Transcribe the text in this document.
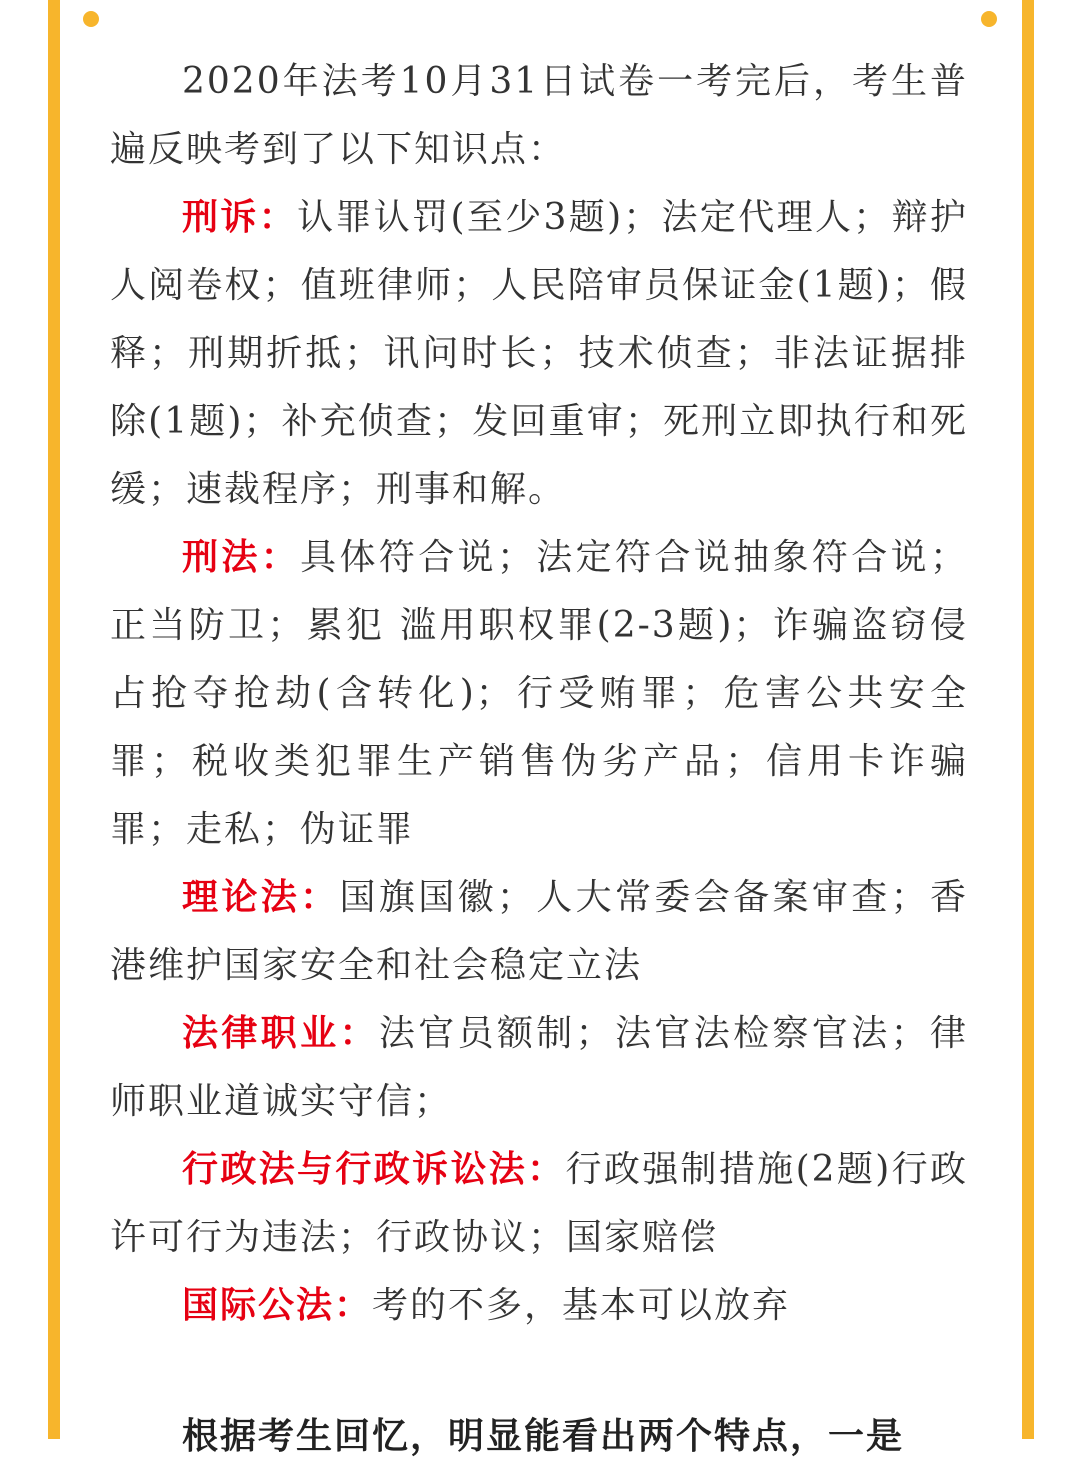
2020年法考10月31日试卷一考完后，考生普遍反映考到了以下知识点：

刑诉：认罪认罚(至少3题)；法定代理人；辩护人阅卷权；值班律师；人民陪审员保证金(1题)；假释；刑期折抵；讯问时长；技术侦查；非法证据排除(1题)；补充侦查；发回重审；死刑立即执行和死缓；速裁程序；刑事和解。

刑法：具体符合说；法定符合说抽象符合说；正当防卫；累犯 滥用职权罪(2-3题)；诈骗盗窃侵占抢夺抢劫(含转化)；行受贿罪；危害公共安全罪；税收类犯罪生产销售伪劣产品；信用卡诈骗罪；走私；伪证罪

理论法：国旗国徽；人大常委会备案审查；香港维护国家安全和社会稳定立法

法律职业：法官员额制；法官法检察官法；律师职业道诚实守信；

行政法与行政诉讼法：行政强制措施(2题)行政许可行为违法；行政协议；国家赔偿

国际公法：考的不多，基本可以放弃

根据考生回忆，明显能看出两个特点，一是
